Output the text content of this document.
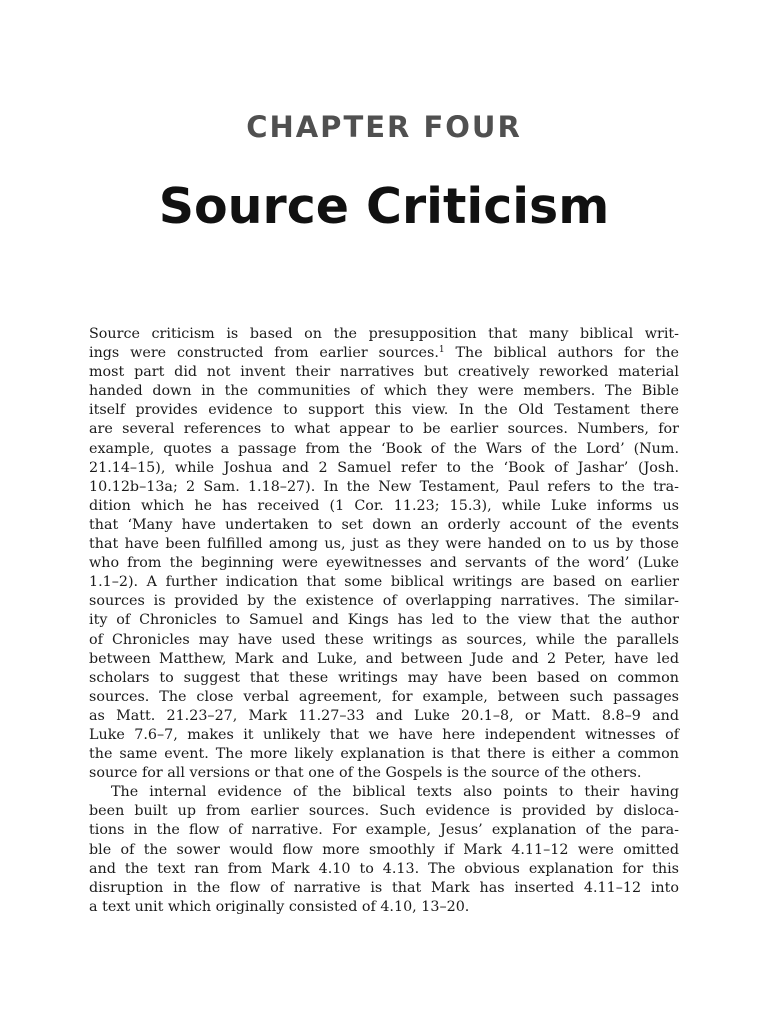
CHAPTER FOUR
Source Criticism
Source criticism is based on the presupposition that many biblical writ-
ings were constructed from earlier sources.$^1$ The biblical authors for the
most part did not invent their narratives but creatively reworked material
handed down in the communities of which they were members. The Bible
itself provides evidence to support this view. In the Old Testament there
are several references to what appear to be earlier sources. Numbers, for
example, quotes a passage from the ‘Book of the Wars of the Lord’ (Num.
21.14–15), while Joshua and 2 Samuel refer to the ‘Book of Jashar’ (Josh.
10.12b–13a; 2 Sam. 1.18–27). In the New Testament, Paul refers to the tra-
dition which he has received (1 Cor. 11.23; 15.3), while Luke informs us
that ‘Many have undertaken to set down an orderly account of the events
that have been fulfilled among us, just as they were handed on to us by those
who from the beginning were eyewitnesses and servants of the word’ (Luke
1.1–2). A further indication that some biblical writings are based on earlier
sources is provided by the existence of overlapping narratives. The similar-
ity of Chronicles to Samuel and Kings has led to the view that the author
of Chronicles may have used these writings as sources, while the parallels
between Matthew, Mark and Luke, and between Jude and 2 Peter, have led
scholars to suggest that these writings may have been based on common
sources. The close verbal agreement, for example, between such passages
as Matt. 21.23–27, Mark 11.27–33 and Luke 20.1–8, or Matt. 8.8–9 and
Luke 7.6–7, makes it unlikely that we have here independent witnesses of
the same event. The more likely explanation is that there is either a common
source for all versions or that one of the Gospels is the source of the others.
The internal evidence of the biblical texts also points to their having
been built up from earlier sources. Such evidence is provided by disloca-
tions in the flow of narrative. For example, Jesus’ explanation of the para-
ble of the sower would flow more smoothly if Mark 4.11–12 were omitted
and the text ran from Mark 4.10 to 4.13. The obvious explanation for this
disruption in the flow of narrative is that Mark has inserted 4.11–12 into
a text unit which originally consisted of 4.10, 13–20.
